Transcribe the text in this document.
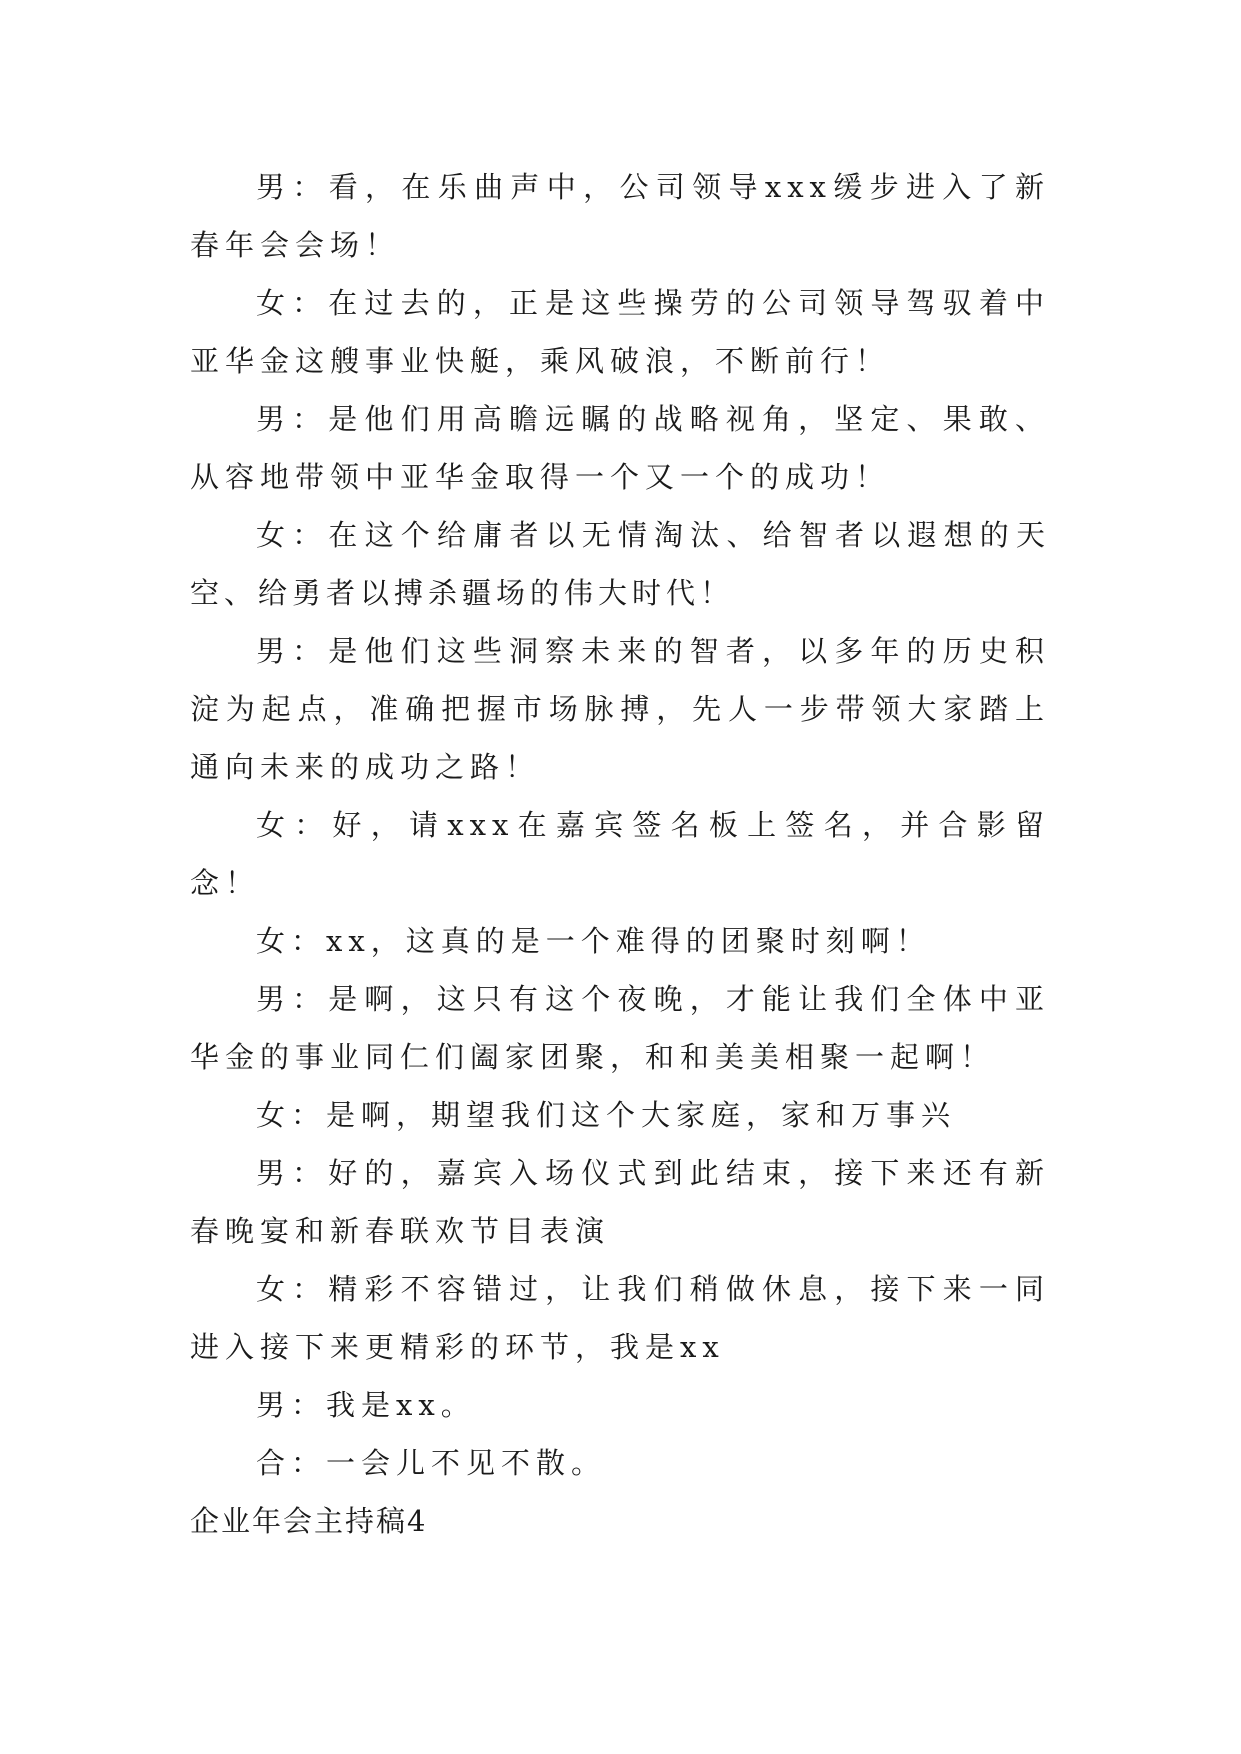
男：看，在乐曲声中，公司领导xxx缓步进入了新春年会会场！

女：在过去的，正是这些操劳的公司领导驾驭着中亚华金这艘事业快艇，乘风破浪，不断前行！

男：是他们用高瞻远瞩的战略视角，坚定、果敢、从容地带领中亚华金取得一个又一个的成功！

女：在这个给庸者以无情淘汰、给智者以遐想的天空、给勇者以搏杀疆场的伟大时代！

男：是他们这些洞察未来的智者，以多年的历史积淀为起点，准确把握市场脉搏，先人一步带领大家踏上通向未来的成功之路！

女：好，请xxx在嘉宾签名板上签名，并合影留念！

女：xx，这真的是一个难得的团聚时刻啊！

男：是啊，这只有这个夜晚，才能让我们全体中亚华金的事业同仁们阖家团聚，和和美美相聚一起啊！

女：是啊，期望我们这个大家庭，家和万事兴

男：好的，嘉宾入场仪式到此结束，接下来还有新春晚宴和新春联欢节目表演

女：精彩不容错过，让我们稍做休息，接下来一同进入接下来更精彩的环节，我是xx

男：我是xx。

合：一会儿不见不散。

企业年会主持稿4
